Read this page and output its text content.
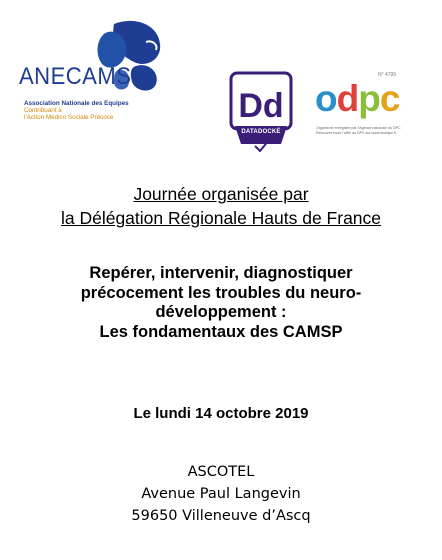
ANECAMSP
Association Nationale des Equipes
Contribuant à
l'Action Médico Sociale Précoce	Dd
DATADOCKÉ
N° 4795
odpc
Organisme enregistré par l'Agence nationale du DPC
Retrouvez toute l'offre du DPC sur www.mondpc.fr
Journée organisée par
la Délégation Régionale Hauts de France
Repérer, intervenir, diagnostiquer
précocement les troubles du neuro-
développement :
Les fondamentaux des CAMSP
Le lundi 14 octobre 2019
ASCOTEL
Avenue Paul Langevin
59650 Villeneuve d’Ascq
